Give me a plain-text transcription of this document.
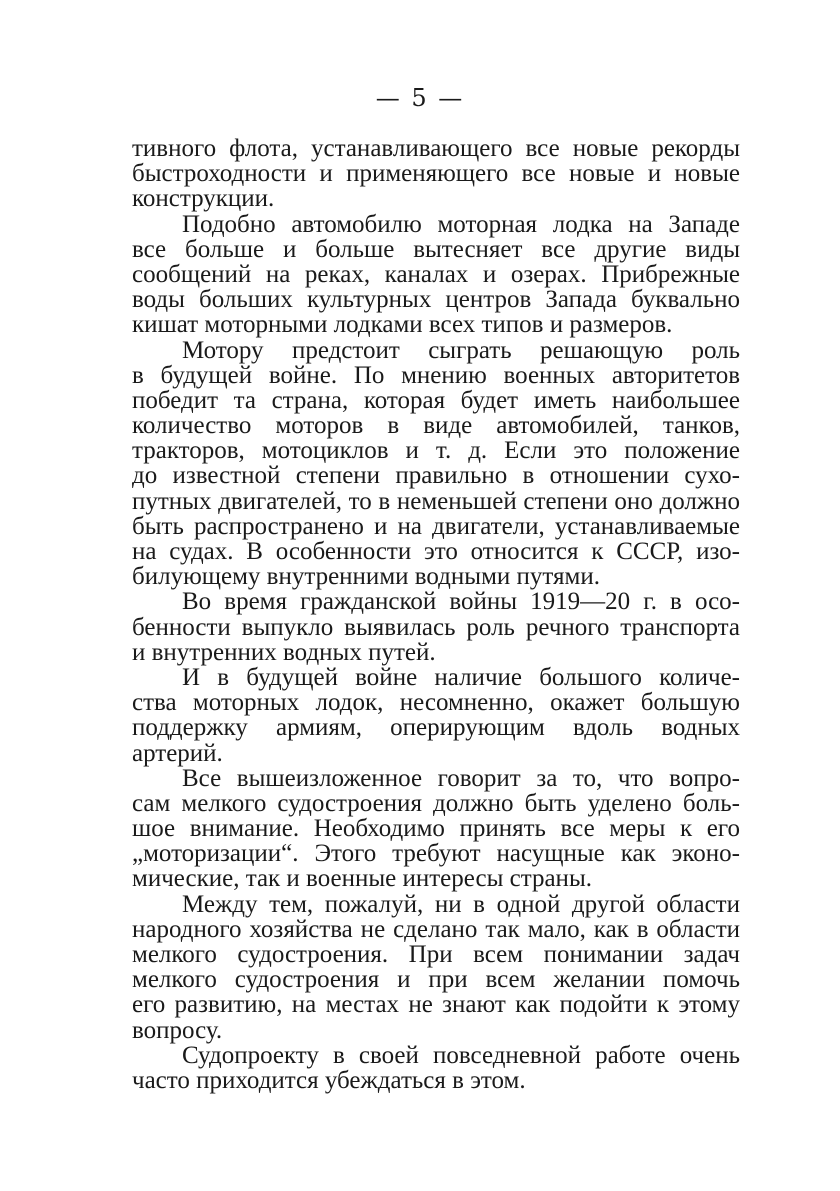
— 5 —
тивного флота, устанавливающего все новые рекорды
быстроходности и применяющего все новые и новые
конструкции.
Подобно автомобилю моторная лодка на Западе
все больше и больше вытесняет все другие виды
сообщений на реках, каналах и озерах. Прибрежные
воды больших культурных центров Запада буквально
кишат моторными лодками всех типов и размеров.
Мотору предстоит сыграть решающую роль
в будущей войне. По мнению военных авторитетов
победит та страна, которая будет иметь наибольшее
количество моторов в виде автомобилей, танков,
тракторов, мотоциклов и т. д. Если это положение
до известной степени правильно в отношении сухо-
путных двигателей, то в неменьшей степени оно должно
быть распространено и на двигатели, устанавливаемые
на судах. В особенности это относится к СССР, изо-
билующему внутренними водными путями.
Во время гражданской войны 1919—20 г. в осо-
бенности выпукло выявилась роль речного транспорта
и внутренних водных путей.
И в будущей войне наличие большого количе-
ства моторных лодок, несомненно, окажет большую
поддержку армиям, оперирующим вдоль водных
артерий.
Все вышеизложенное говорит за то, что вопро-
сам мелкого судостроения должно быть уделено боль-
шое внимание. Необходимо принять все меры к его
„моторизации“. Этого требуют насущные как эконо-
мические, так и военные интересы страны.
Между тем, пожалуй, ни в одной другой области
народного хозяйства не сделано так мало, как в области
мелкого судостроения. При всем понимании задач
мелкого судостроения и при всем желании помочь
его развитию, на местах не знают как подойти к этому
вопросу.
Судопроекту в своей повседневной работе очень
часто приходится убеждаться в этом.
